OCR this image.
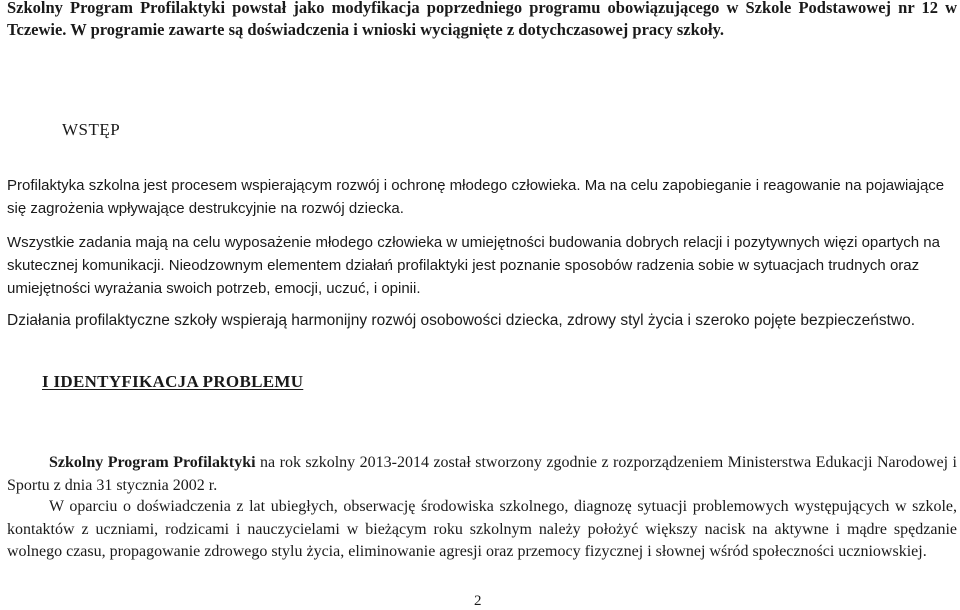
Szkolny Program Profilaktyki powstał jako modyfikacja poprzedniego programu obowiązującego w Szkole Podstawowej nr 12 w Tczewie. W programie zawarte są doświadczenia i wnioski wyciągnięte z dotychczasowej pracy szkoły.

WSTĘP

Profilaktyka szkolna jest procesem wspierającym rozwój i ochronę młodego człowieka. Ma na celu zapobieganie i reagowanie na pojawiające się zagrożenia wpływające destrukcyjnie na rozwój dziecka.

Wszystkie zadania mają na celu wyposażenie młodego człowieka w umiejętności budowania dobrych relacji i pozytywnych więzi opartych na skutecznej komunikacji. Nieodzownym elementem działań profilaktyki jest poznanie sposobów radzenia sobie w sytuacjach trudnych oraz umiejętności wyrażania swoich potrzeb, emocji, uczuć, i opinii.

Działania profilaktyczne szkoły wspierają harmonijny rozwój osobowości dziecka, zdrowy styl życia i szeroko pojęte bezpieczeństwo.

I IDENTYFIKACJA PROBLEMU

Szkolny Program Profilaktyki na rok szkolny 2013-2014 został stworzony zgodnie z rozporządzeniem Ministerstwa Edukacji Narodowej i Sportu z dnia 31 stycznia 2002 r.

W oparciu o doświadczenia z lat ubiegłych, obserwację środowiska szkolnego, diagnozę sytuacji problemowych występujących w szkole, kontaktów z uczniami, rodzicami i nauczycielami w bieżącym roku szkolnym należy położyć większy nacisk na aktywne i mądre spędzanie wolnego czasu, propagowanie zdrowego stylu życia, eliminowanie agresji oraz przemocy fizycznej i słownej wśród społeczności uczniowskiej.

2
